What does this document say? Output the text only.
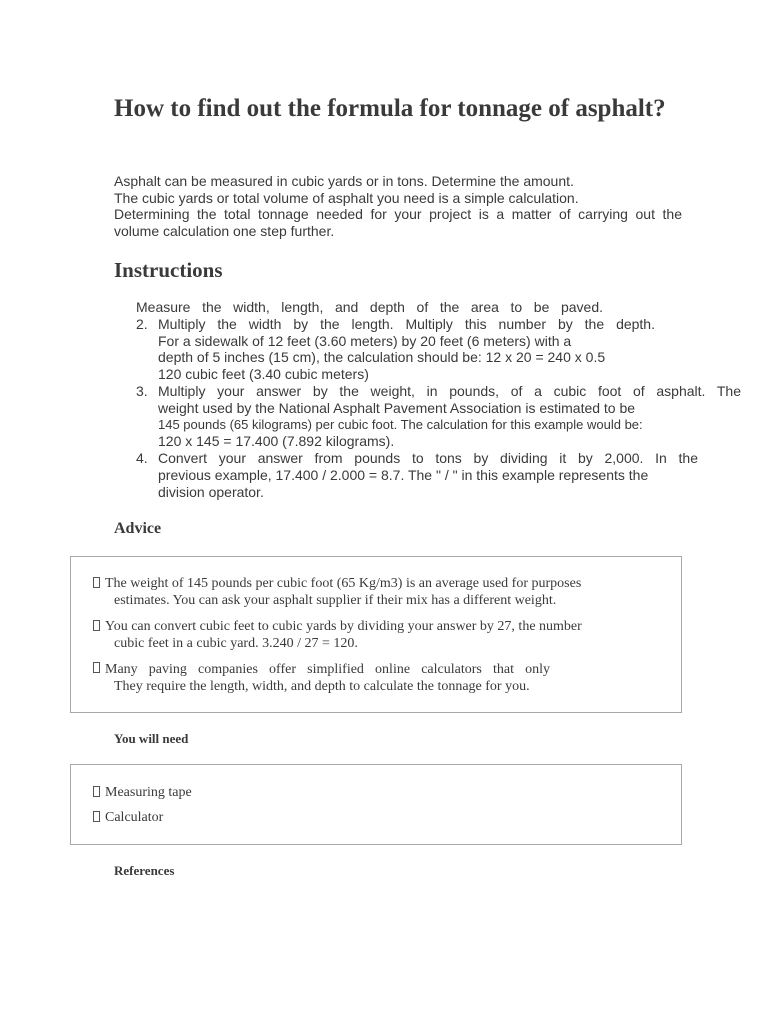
How to find out the formula for tonnage of asphalt?
Asphalt can be measured in cubic yards or in tons. Determine the amount.
The cubic yards or total volume of asphalt you need is a simple calculation.
Determining the total tonnage needed for your project is a matter of carrying out the
volume calculation one step further.
Instructions
Measure the width, length, and depth of the area to be paved.
2. Multiply the width by the length. Multiply this number by the depth.
For a sidewalk of 12 feet (3.60 meters) by 20 feet (6 meters) with a
depth of 5 inches (15 cm), the calculation should be: 12 x 20 = 240 x 0.5
120 cubic feet (3.40 cubic meters)
3. Multiply your answer by the weight, in pounds, of a cubic foot of asphalt. The
weight used by the National Asphalt Pavement Association is estimated to be
145 pounds (65 kilograms) per cubic foot. The calculation for this example would be:
120 x 145 = 17.400 (7.892 kilograms).
4. Convert your answer from pounds to tons by dividing it by 2,000. In the
previous example, 17.400 / 2.000 = 8.7. The " / " in this example represents the
division operator.
Advice
The weight of 145 pounds per cubic foot (65 Kg/m3) is an average used for purposes
estimates. You can ask your asphalt supplier if their mix has a different weight.
You can convert cubic feet to cubic yards by dividing your answer by 27, the number
cubic feet in a cubic yard. 3.240 / 27 = 120.
Many paving companies offer simplified online calculators that only
They require the length, width, and depth to calculate the tonnage for you.
You will need
Measuring tape
Calculator
References
